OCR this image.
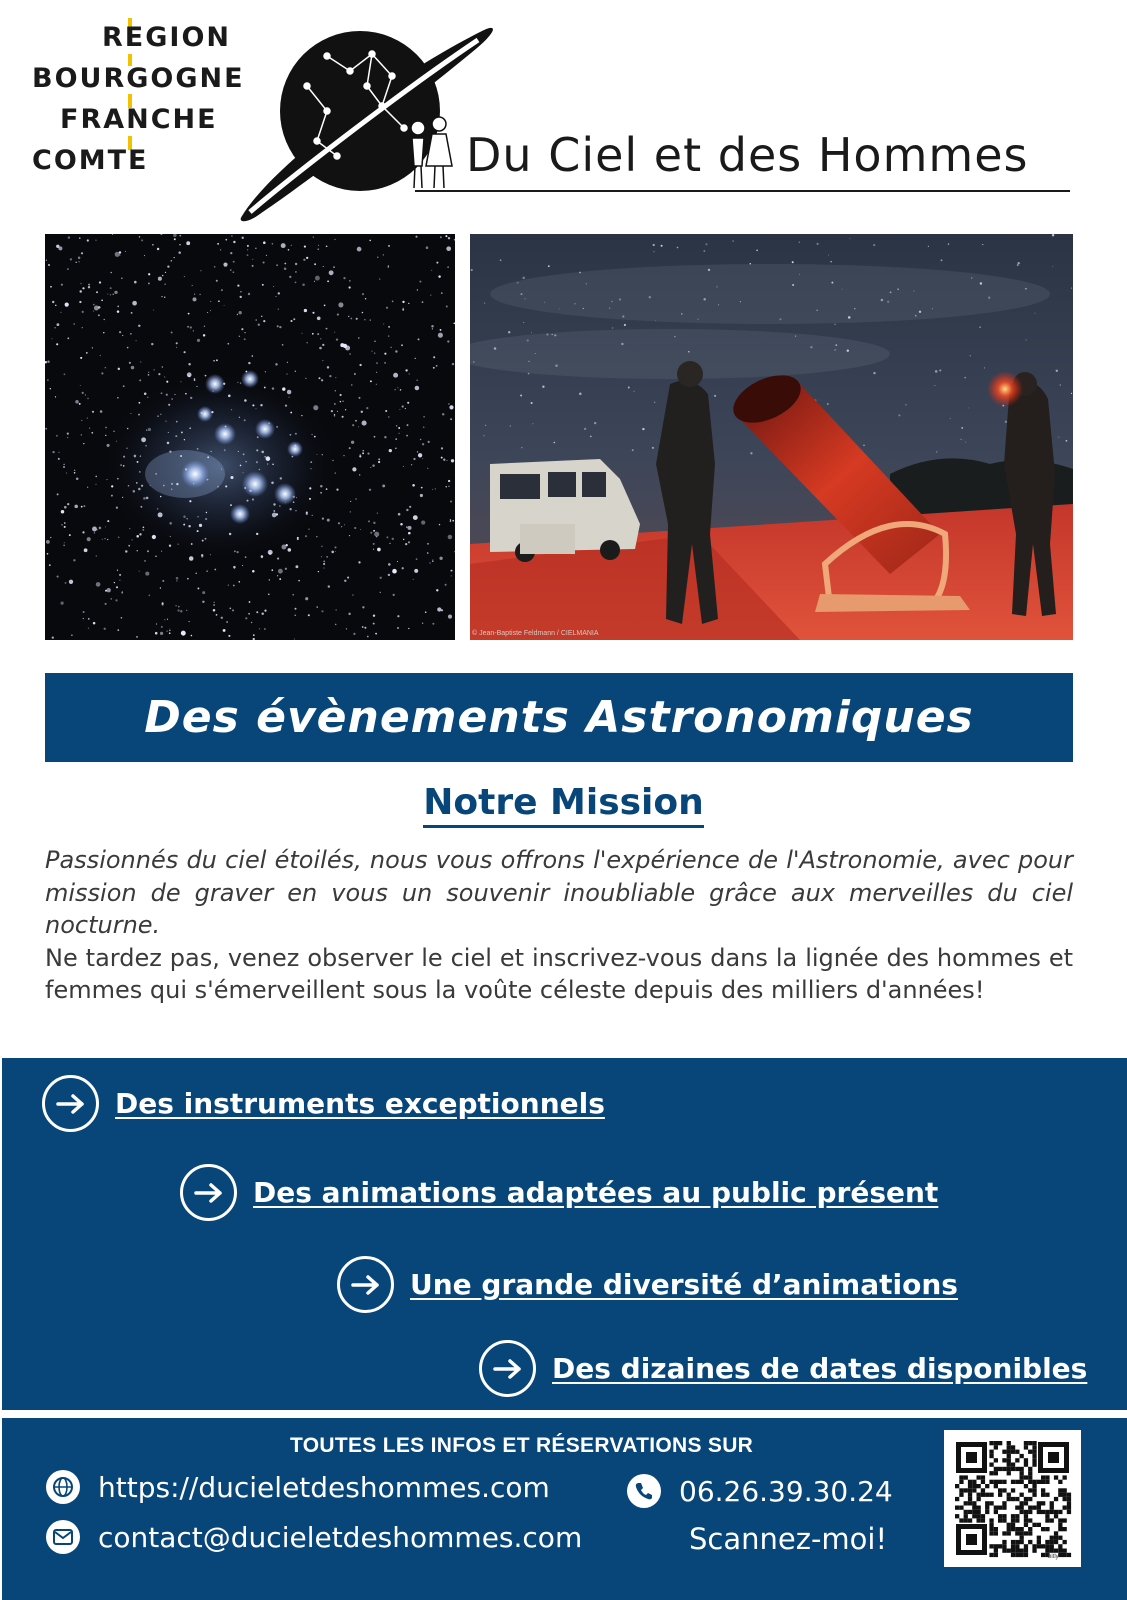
REGION
BOURGOGNE
FRANCHE
COMTE	Du Ciel et des Hommes
© Jean-Baptiste Feldmann / CIELMANIA
Des évènements Astronomiques
Notre Mission

Passionnés du ciel étoilés, nous vous offrons l'expérience de l'Astronomie, avec pour mission de graver en vous un souvenir inoubliable grâce aux merveilles du ciel nocturne.

Ne tardez pas, venez observer le ciel et inscrivez-vous dans la lignée des hommes et femmes qui s'émerveillent sous la voûte céleste depuis des milliers d'années!

Des instruments exceptionnels
Des animations adaptées au public présent
Une grande diversité d’animations
Des dizaines de dates disponibles
TOUTES LES INFOS ET RÉSERVATIONS SUR
https://ducieletdeshommes.com
contact@ducieletdeshommes.com
06.26.39.30.24
Scannez-moi!
bitly
